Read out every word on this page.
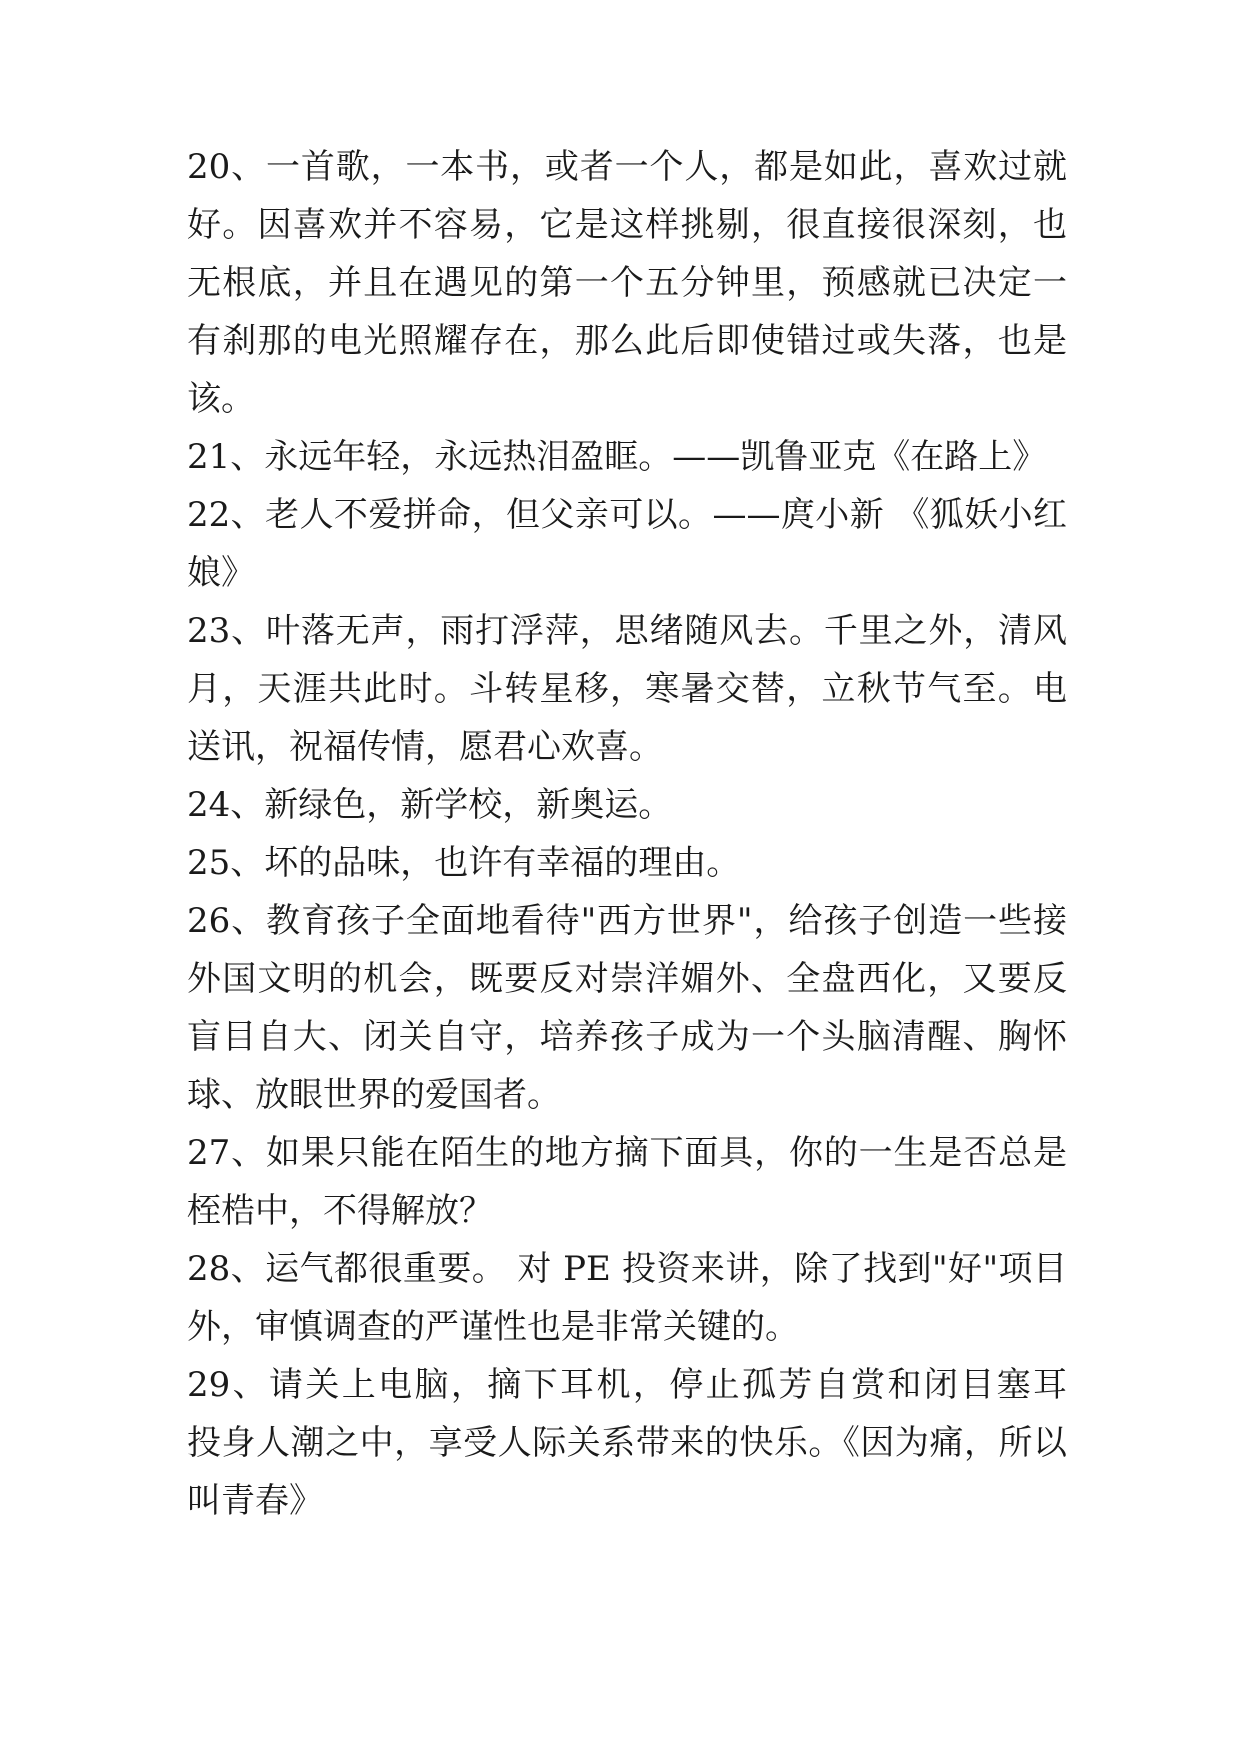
20、一首歌，一本书，或者一个人，都是如此，喜欢过就
好。因喜欢并不容易，它是这样挑剔，很直接很深刻，也
无根底，并且在遇见的第一个五分钟里，预感就已决定一
有刹那的电光照耀存在，那么此后即使错过或失落，也是
该。
21、永远年轻，永远热泪盈眶。——凯鲁亚克《在路上》
22、老人不爱拼命，但父亲可以。——庹小新 《狐妖小红
娘》
23、叶落无声，雨打浮萍，思绪随风去。千里之外，清风
月，天涯共此时。斗转星移，寒暑交替，立秋节气至。电
送讯，祝福传情，愿君心欢喜。
24、新绿色，新学校，新奥运。
25、坏的品味，也许有幸福的理由。
26、教育孩子全面地看待"西方世界"，给孩子创造一些接
外国文明的机会，既要反对崇洋媚外、全盘西化，又要反
盲目自大、闭关自守，培养孩子成为一个头脑清醒、胸怀
球、放眼世界的爱国者。
27、如果只能在陌生的地方摘下面具，你的一生是否总是
桎梏中，不得解放？
28、运气都很重要。 对 PE 投资来讲，除了找到"好"项目
外，审慎调查的严谨性也是非常关键的。
29、请关上电脑，摘下耳机，停止孤芳自赏和闭目塞耳
投身人潮之中，享受人际关系带来的快乐。《因为痛，所以
叫青春》
